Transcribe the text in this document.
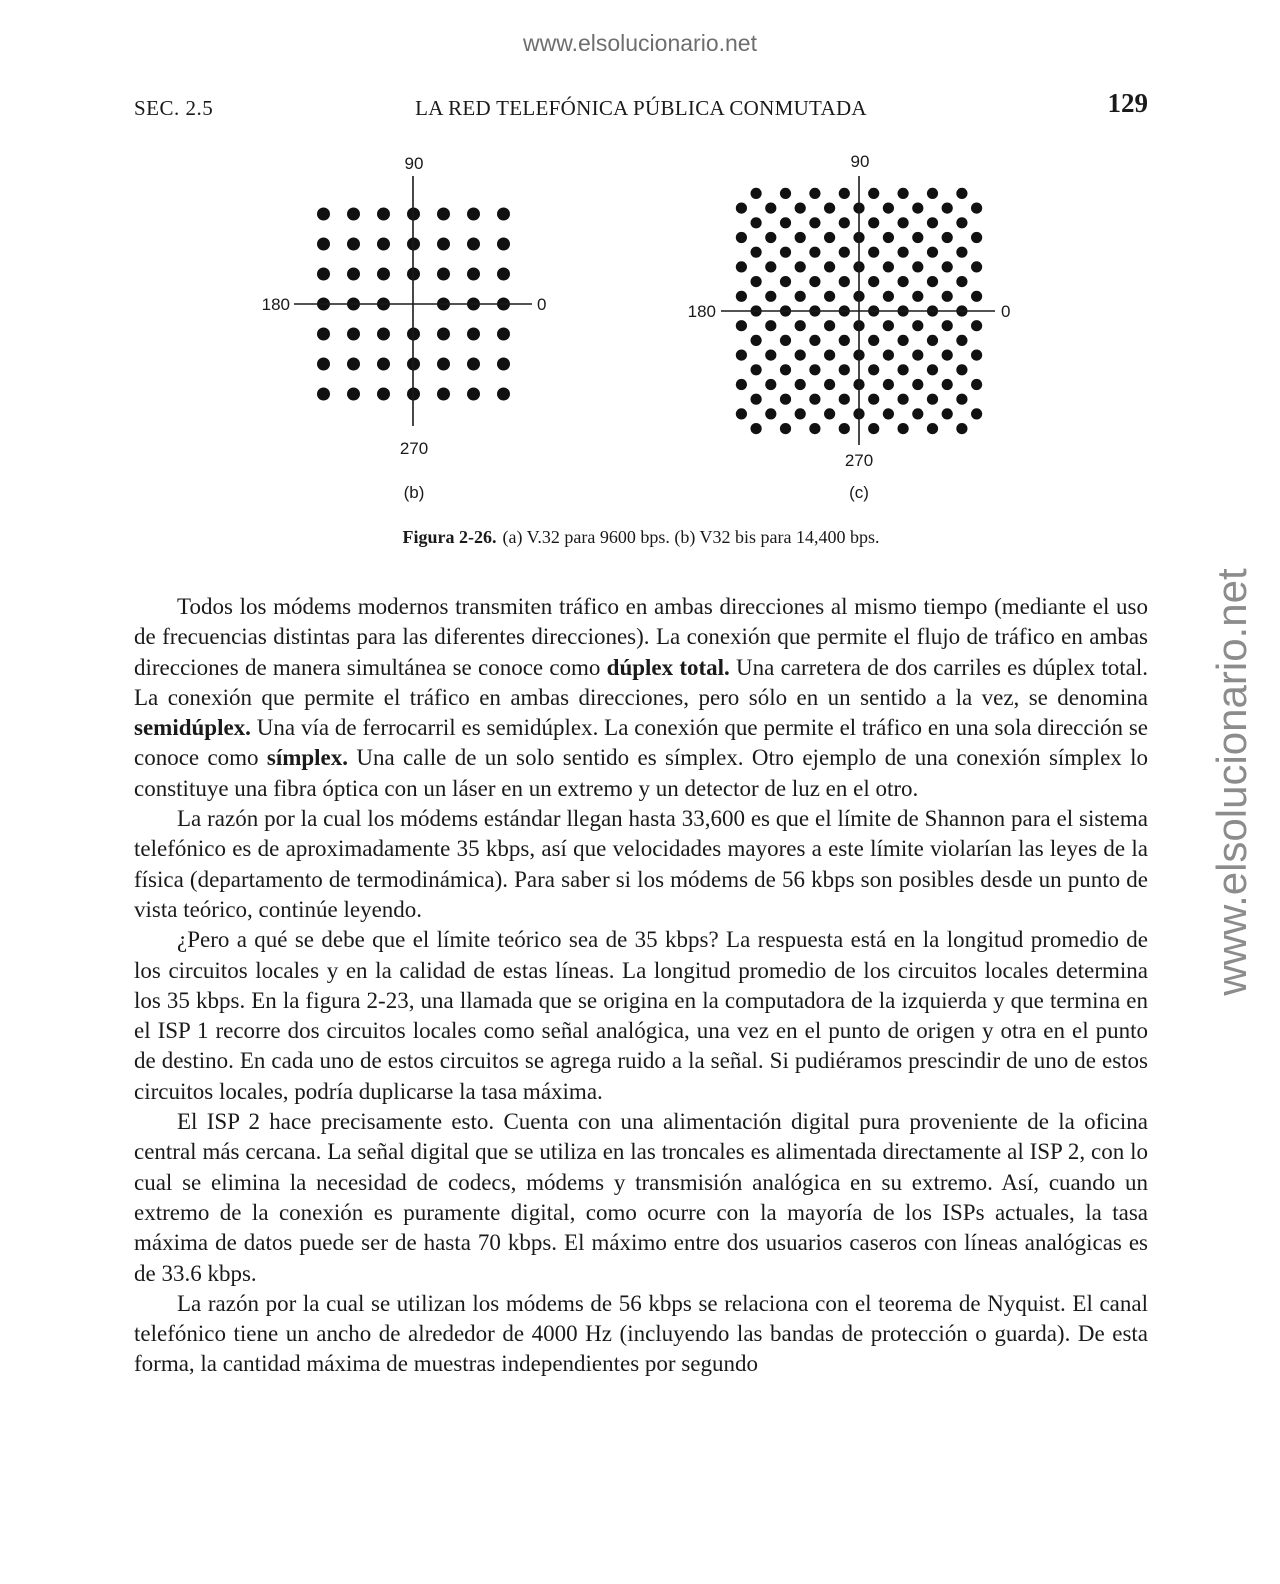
www.elsolucionario.net
www.elsolucionario.net
SEC. 2.5	LA RED TELEFÓNICA PÚBLICA CONMUTADA	129
90
180	0
270
(b)
90
180	0
270
(c)
Figura 2-26. (a) V.32 para 9600 bps. (b) V32 bis para 14,400 bps.

Todos los módems modernos transmiten tráfico en ambas direcciones al mismo tiempo (mediante el uso de frecuencias distintas para las diferentes direcciones). La conexión que permite el flujo de tráfico en ambas direcciones de manera simultánea se conoce como dúplex total. Una carretera de dos carriles es dúplex total. La conexión que permite el tráfico en ambas direcciones, pero sólo en un sentido a la vez, se denomina semidúplex. Una vía de ferrocarril es semidúplex. La conexión que permite el tráfico en una sola dirección se conoce como símplex. Una calle de un solo sentido es símplex. Otro ejemplo de una conexión símplex lo constituye una fibra óptica con un láser en un extremo y un detector de luz en el otro.

La razón por la cual los módems estándar llegan hasta 33,600 es que el límite de Shannon para el sistema telefónico es de aproximadamente 35 kbps, así que velocidades mayores a este límite violarían las leyes de la física (departamento de termodinámica). Para saber si los módems de 56 kbps son posibles desde un punto de vista teórico, continúe leyendo.

¿Pero a qué se debe que el límite teórico sea de 35 kbps? La respuesta está en la longitud promedio de los circuitos locales y en la calidad de estas líneas. La longitud promedio de los circuitos locales determina los 35 kbps. En la figura 2-23, una llamada que se origina en la computadora de la izquierda y que termina en el ISP 1 recorre dos circuitos locales como señal analógica, una vez en el punto de origen y otra en el punto de destino. En cada uno de estos circuitos se agrega ruido a la señal. Si pudiéramos prescindir de uno de estos circuitos locales, podría duplicarse la tasa máxima.

El ISP 2 hace precisamente esto. Cuenta con una alimentación digital pura proveniente de la oficina central más cercana. La señal digital que se utiliza en las troncales es alimentada directamente al ISP 2, con lo cual se elimina la necesidad de codecs, módems y transmisión analógica en su extremo. Así, cuando un extremo de la conexión es puramente digital, como ocurre con la mayoría de los ISPs actuales, la tasa máxima de datos puede ser de hasta 70 kbps. El máximo entre dos usuarios caseros con líneas analógicas es de 33.6 kbps.

La razón por la cual se utilizan los módems de 56 kbps se relaciona con el teorema de Nyquist. El canal telefónico tiene un ancho de alrededor de 4000 Hz (incluyendo las bandas de protección o guarda). De esta forma, la cantidad máxima de muestras independientes por segundo
